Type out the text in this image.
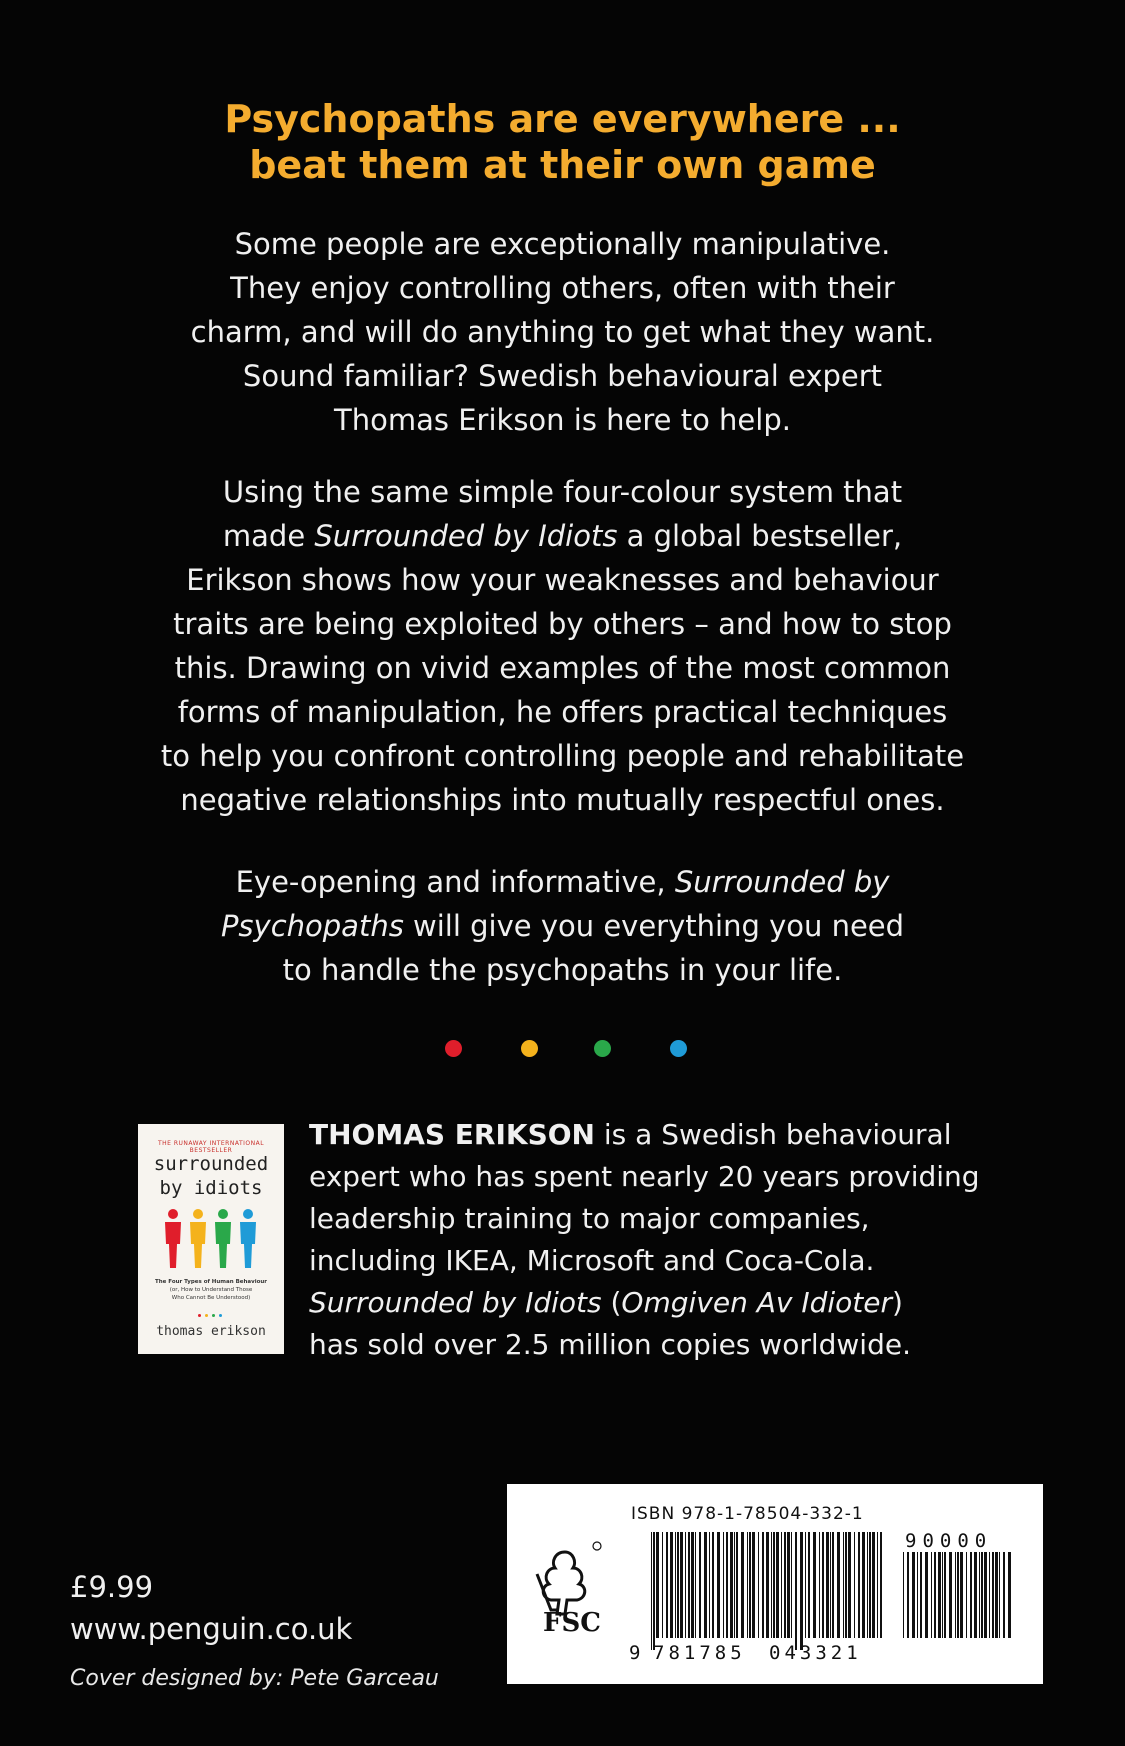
Psychopaths are everywhere ...
beat them at their own game
Some people are exceptionally manipulative.
They enjoy controlling others, often with their
charm, and will do anything to get what they want.
Sound familiar? Swedish behavioural expert
Thomas Erikson is here to help.
Using the same simple four-colour system that
made Surrounded by Idiots a global bestseller,
Erikson shows how your weaknesses and behaviour
traits are being exploited by others – and how to stop
this. Drawing on vivid examples of the most common
forms of manipulation, he offers practical techniques
to help you confront controlling people and rehabilitate
negative relationships into mutually respectful ones.
Eye-opening and informative, Surrounded by
Psychopaths will give you everything you need
to handle the psychopaths in your life.
THE RUNAWAY INTERNATIONAL BESTSELLER
surrounded
by idiots
The Four Types of Human Behaviour
(or, How to Understand Those
Who Cannot Be Understood)
thomas erikson
THOMAS ERIKSON is a Swedish behavioural
expert who has spent nearly 20 years providing
leadership training to major companies,
including IKEA, Microsoft and Coca-Cola.
Surrounded by Idiots (Omgiven Av Idioter)
has sold over 2.5 million copies worldwide.
£9.99
www.penguin.co.uk
Cover designed by: Pete Garceau
ISBN 978-1-78504-332-1
FSC
90000
9 781785 043321
